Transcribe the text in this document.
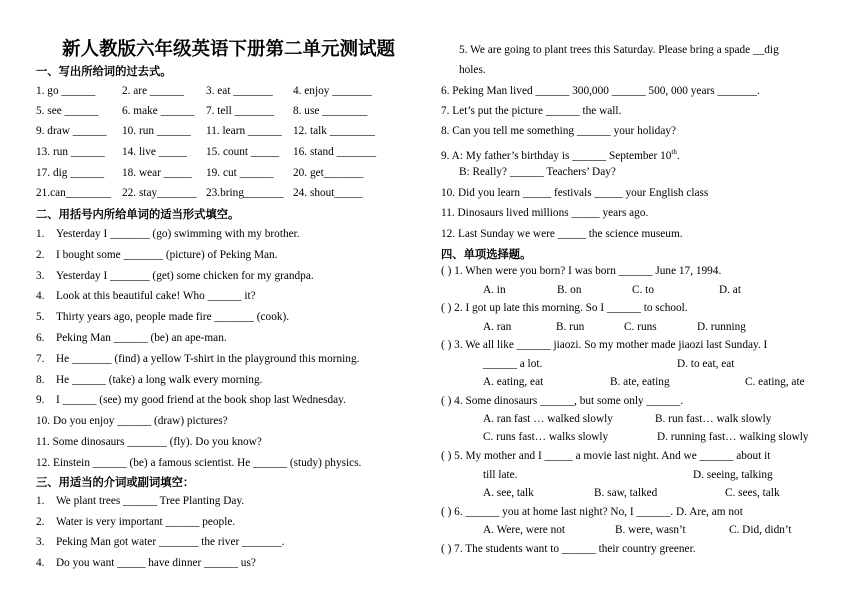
新人教版六年级英语下册第二单元测试题
一、写出所给词的过去式。
1. go ______ 2. are ______ 3. eat _______ 4. enjoy _______
5. see ______ 6. make ______ 7. tell _______ 8. use ________
9. draw ______ 10. run ______ 11. learn ______ 12. talk ________
13. run ______ 14. live _____ 15. count _____ 16. stand _______
17. dig ______ 18. wear _____ 19. cut ______ 20. get_______
21.can________ 22. stay_______ 23.bring_______ 24. shout_____
二、用括号内所给单词的适当形式填空。
1. Yesterday I _______ (go) swimming with my brother.
2. I bought some _______ (picture) of Peking Man.
3. Yesterday I _______ (get) some chicken for my grandpa.
4. Look at this beautiful cake! Who ______ it?
5. Thirty years ago, people made fire _______ (cook).
6. Peking Man ______ (be) an ape-man.
7. He _______ (find) a yellow T-shirt in the playground this morning.
8. He ______ (take) a long walk every morning.
9. I ______ (see) my good friend at the book shop last Wednesday.
10. Do you enjoy ______ (draw) pictures?
11. Some dinosaurs _______ (fly). Do you know?
12. Einstein ______ (be) a famous scientist. He ______ (study) physics.
三、用适当的介词或副词填空：
1. We plant trees ______ Tree Planting Day.
2. Water is very important ______ people.
3. Peking Man got water _______ the river _______.
4. Do you want _____ have dinner ______ us?
5. We are going to plant trees this Saturday. Please bring a spade __dig
holes.
6. Peking Man lived ______ 300,000 ______ 500, 000 years _______.
7. Let’s put the picture ______ the wall.
8. Can you tell me something ______ your holiday?
9. A: My father’s birthday is ______ September 10th.
B: Really? ______ Teachers’ Day?
10. Did you learn _____ festivals _____ your English class
11. Dinosaurs lived millions _____ years ago.
12. Last Sunday we were _____ the science museum.
四、单项选择题。
( ) 1. When were you born? I was born ______ June 17, 1994.
A. in	B. on	C. to	D. at
( ) 2. I got up late this morning. So I ______ to school.
A. ran	B. run	C. runs	D. running
( ) 3. We all like ______ jiaozi. So my mother made jiaozi last Sunday. I
______ a lot.	D. to eat, eat
A. eating, eat	B. ate, eating	C. eating, ate
( ) 4. Some dinosaurs ______, but some only ______.
A. ran fast … walked slowly	B. run fast… walk slowly
C. runs fast… walks slowly	D. running fast… walking slowly
( ) 5. My mother and I _____ a movie last night. And we ______ about it
till late.	D. seeing, talking
A. see, talk	B. saw, talked	C. sees, talk
( ) 6. ______ you at home last night? No, I ______. D. Are, am not
A. Were, were not	B. were, wasn’t	C. Did, didn’t
( ) 7. The students want to ______ their country greener.
